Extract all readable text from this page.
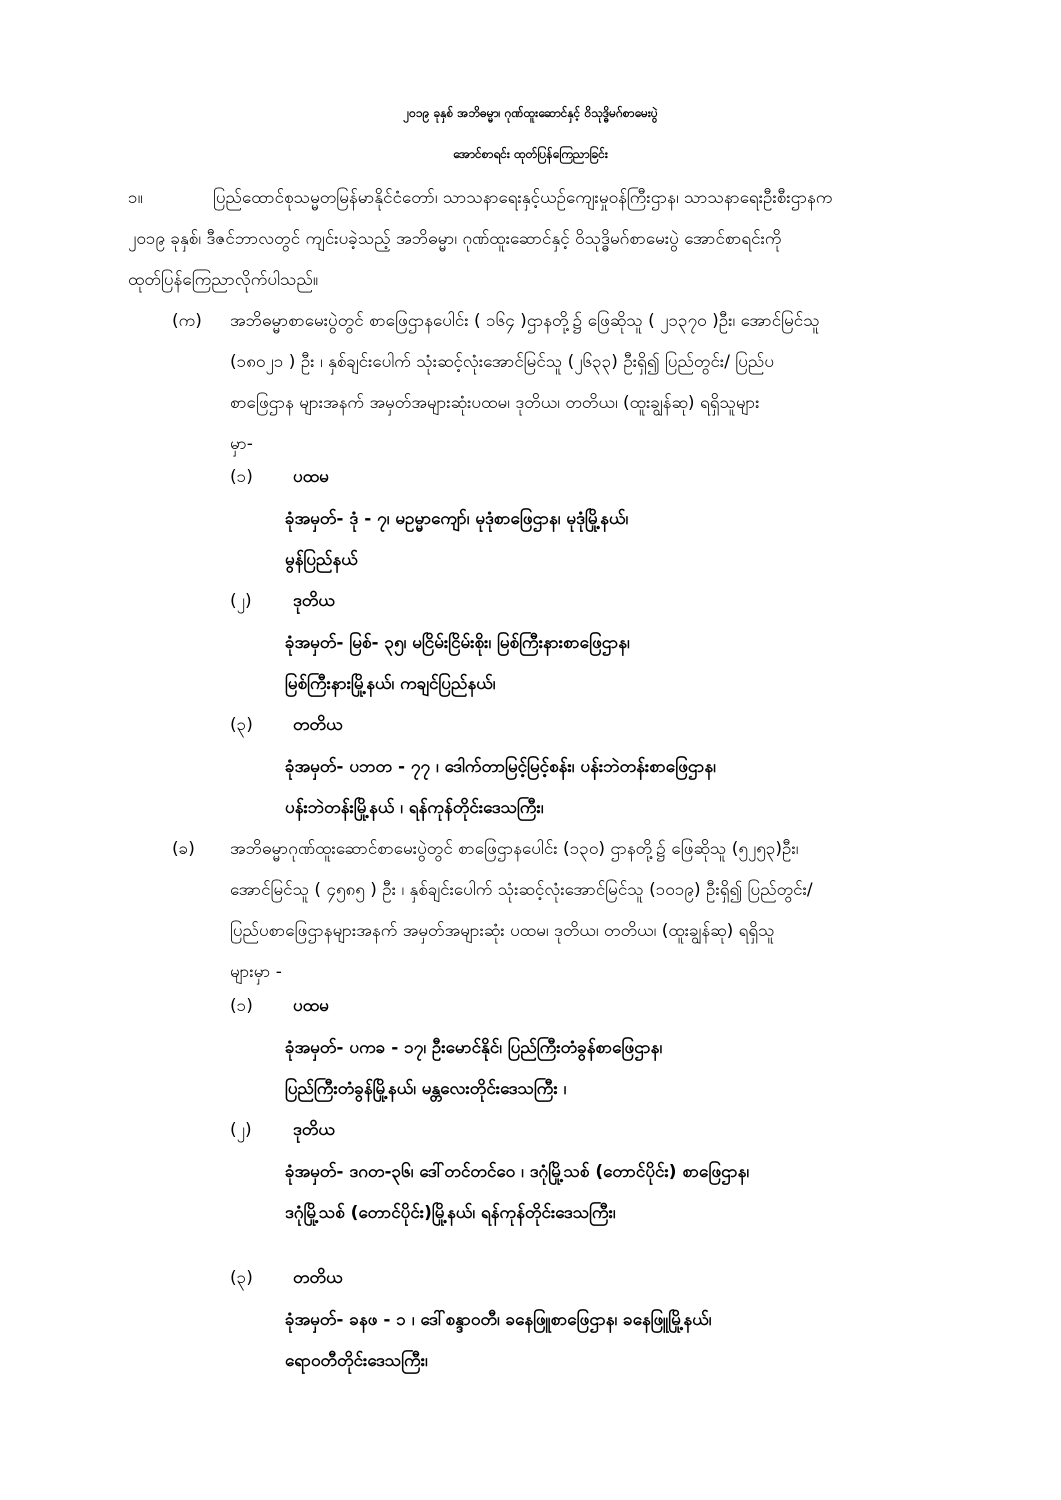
၂၀၁၉ ခုနှစ် အဘိဓမ္မာ၊ ဂုဏ်ထူးဆောင်နှင့် ဝိသုဒ္ဓိမဂ်စာမေးပွဲ
အောင်စာရင်း ထုတ်ပြန်ကြေညာခြင်း
၁။	ပြည်ထောင်စုသမ္မတမြန်မာနိုင်ငံတော်၊ သာသနာရေးနှင့်ယဉ်ကျေးမှုဝန်ကြီးဌာန၊ သာသနာရေးဦးစီးဌာနက
၂၀၁၉ ခုနှစ်၊ ဒီဇင်ဘာလတွင် ကျင်းပခဲ့သည့် အဘိဓမ္မာ၊ ဂုဏ်ထူးဆောင်နှင့် ဝိသုဒ္ဓိမဂ်စာမေးပွဲ အောင်စာရင်းကို
ထုတ်ပြန်ကြေညာလိုက်ပါသည်။
(က) အဘိဓမ္မာစာမေးပွဲတွင် စာဖြေဌာနပေါင်း ( ၁၆၄ )ဌာနတို့၌ ဖြေဆိုသူ ( ၂၁၃၇၀ )ဦး၊ အောင်မြင်သူ
(၁၈၀၂၁ ) ဦး ၊ နှစ်ချင်းပေါက် သုံးဆင့်လုံးအောင်မြင်သူ (၂၆၃၃) ဦးရှိ၍ ပြည်တွင်း/ ပြည်ပ
စာဖြေဌာန များအနက် အမှတ်အများဆုံးပထမ၊ ဒုတိယ၊ တတိယ၊ (ထူးချွန်ဆု) ရရှိသူများ
မှာ-
(၁) ပထမ
ခုံအမှတ်- ဒုံ - ၇၊ မဥမ္မာကျော်၊ မုဒုံစာဖြေဌာန၊ မုဒုံမြို့နယ်၊
မွန်ပြည်နယ်
(၂) ဒုတိယ
ခုံအမှတ်- မြစ်- ၃၅၊ မငြိမ်းငြိမ်းစိုး၊ မြစ်ကြီးနားစာဖြေဌာန၊
မြစ်ကြီးနားမြို့နယ်၊ ကချင်ပြည်နယ်၊
(၃) တတိယ
ခုံအမှတ်- ပဘတ - ၇၇ ၊ ဒေါက်တာမြင့်မြင့်စန်း၊ ပန်းဘဲတန်းစာဖြေဌာန၊
ပန်းဘဲတန်းမြို့နယ် ၊ ရန်ကုန်တိုင်းဒေသကြီး၊
(ခ) အဘိဓမ္မာဂုဏ်ထူးဆောင်စာမေးပွဲတွင် စာဖြေဌာနပေါင်း (၁၃၀) ဌာနတို့၌ ဖြေဆိုသူ (၅၂၅၃)ဦး၊
အောင်မြင်သူ ( ၄၅၈၅ ) ဦး ၊ နှစ်ချင်းပေါက် သုံးဆင့်လုံးအောင်မြင်သူ (၁၀၁၉) ဦးရှိ၍ ပြည်တွင်း/
ပြည်ပစာဖြေဌာနများအနက် အမှတ်အများဆုံး ပထမ၊ ဒုတိယ၊ တတိယ၊ (ထူးချွန်ဆု) ရရှိသူ
များမှာ -
(၁) ပထမ
ခုံအမှတ်- ပကခ - ၁၇၊ ဦးမောင်နိုင်၊ ပြည်ကြီးတံခွန်စာဖြေဌာန၊
ပြည်ကြီးတံခွန်မြို့နယ်၊ မန္တလေးတိုင်းဒေသကြီး ၊
(၂) ဒုတိယ
ခုံအမှတ်- ဒဂတ-၃၆၊ ဒေါ်တင်တင်ဝေ ၊ ဒဂုံမြို့သစ် (တောင်ပိုင်း) စာဖြေဌာန၊
ဒဂုံမြို့သစ် (တောင်ပိုင်း)မြို့နယ်၊ ရန်ကုန်တိုင်းဒေသကြီး၊
(၃) တတိယ
ခုံအမှတ်- ခနဖ - ၁ ၊ ဒေါ်စန္ဒာဝတီ၊ ခနေဖြူစာဖြေဌာန၊ ခနေဖြူမြို့နယ်၊
ရောဝတီတိုင်းဒေသကြီး၊
